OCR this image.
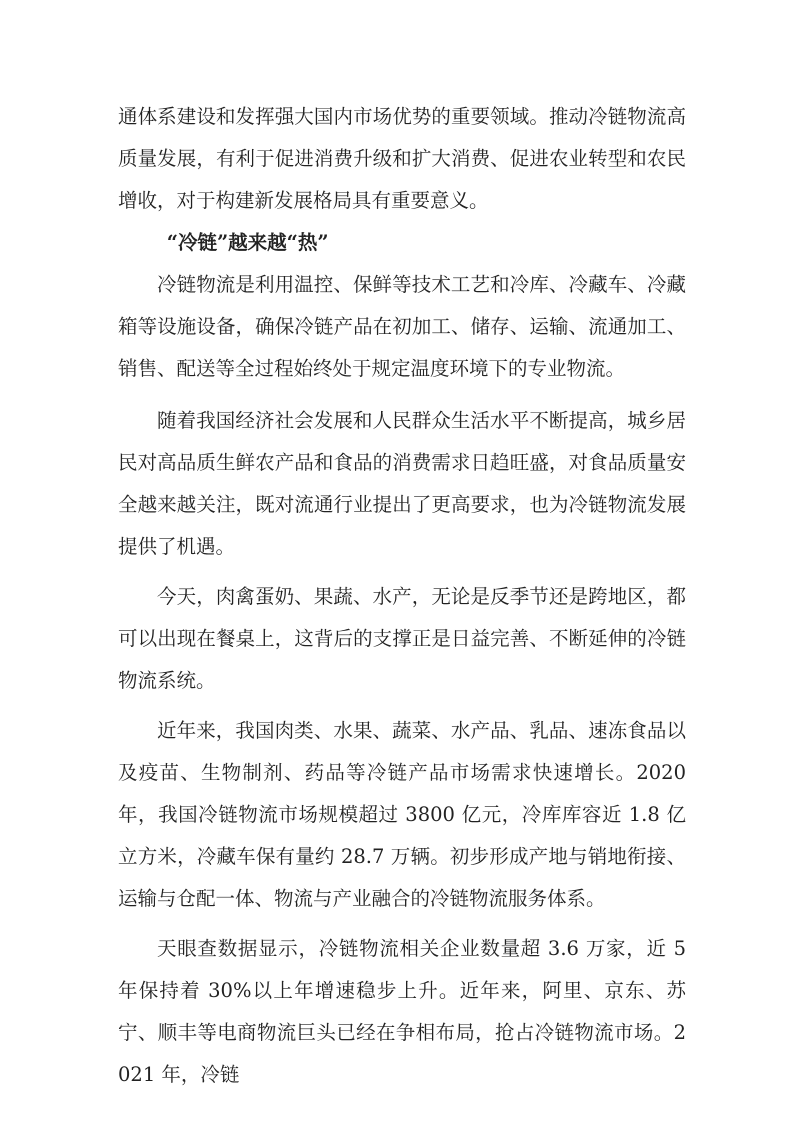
通体系建设和发挥强大国内市场优势的重要领域。推动冷链物流高质量发展，有利于促进消费升级和扩大消费、促进农业转型和农民增收，对于构建新发展格局具有重要意义。

“冷链”越来越“热”

冷链物流是利用温控、保鲜等技术工艺和冷库、冷藏车、冷藏箱等设施设备，确保冷链产品在初加工、储存、运输、流通加工、销售、配送等全过程始终处于规定温度环境下的专业物流。

随着我国经济社会发展和人民群众生活水平不断提高，城乡居民对高品质生鲜农产品和食品的消费需求日趋旺盛，对食品质量安全越来越关注，既对流通行业提出了更高要求，也为冷链物流发展提供了机遇。

今天，肉禽蛋奶、果蔬、水产，无论是反季节还是跨地区，都可以出现在餐桌上，这背后的支撑正是日益完善、不断延伸的冷链物流系统。

近年来，我国肉类、水果、蔬菜、水产品、乳品、速冻食品以及疫苗、生物制剂、药品等冷链产品市场需求快速增长。2020 年，我国冷链物流市场规模超过 3800 亿元，冷库库容近 1.8 亿立方米，冷藏车保有量约 28.7 万辆。初步形成产地与销地衔接、运输与仓配一体、物流与产业融合的冷链物流服务体系。

天眼查数据显示，冷链物流相关企业数量超 3.6 万家，近 5 年保持着 30%以上年增速稳步上升。近年来，阿里、京东、苏宁、顺丰等电商物流巨头已经在争相布局，抢占冷链物流市场。2021 年，冷链
